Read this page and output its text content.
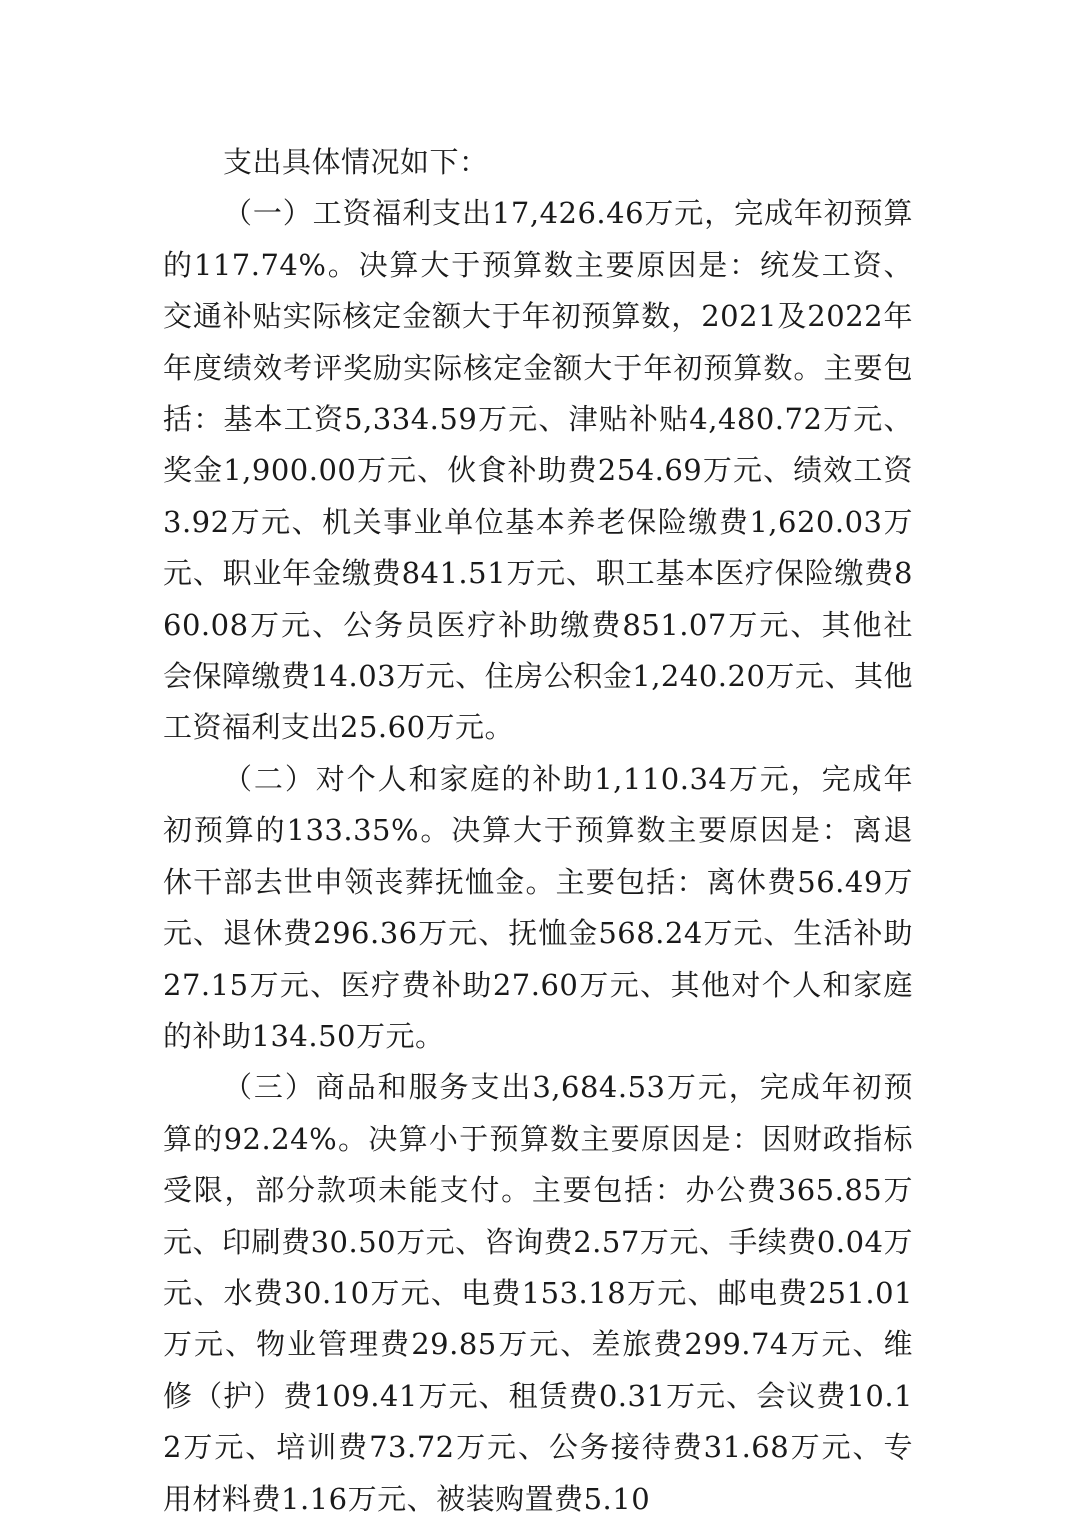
支出具体情况如下：

（一）工资福利支出17,426.46万元，完成年初预算的117.74%。决算大于预算数主要原因是：统发工资、交通补贴实际核定金额大于年初预算数，2021及2022年年度绩效考评奖励实际核定金额大于年初预算数。主要包括：基本工资5,334.59万元、津贴补贴4,480.72万元、奖金1,900.00万元、伙食补助费254.69万元、绩效工资3.92万元、机关事业单位基本养老保险缴费1,620.03万元、职业年金缴费841.51万元、职工基本医疗保险缴费860.08万元、公务员医疗补助缴费851.07万元、其他社会保障缴费14.03万元、住房公积金1,240.20万元、其他工资福利支出25.60万元。

（二）对个人和家庭的补助1,110.34万元，完成年初预算的133.35%。决算大于预算数主要原因是：离退休干部去世申领丧葬抚恤金。主要包括：离休费56.49万元、退休费296.36万元、抚恤金568.24万元、生活补助27.15万元、医疗费补助27.60万元、其他对个人和家庭的补助134.50万元。

（三）商品和服务支出3,684.53万元，完成年初预算的92.24%。决算小于预算数主要原因是：因财政指标受限，部分款项未能支付。主要包括：办公费365.85万元、印刷费30.50万元、咨询费2.57万元、手续费0.04万元、水费30.10万元、电费153.18万元、邮电费251.01万元、物业管理费29.85万元、差旅费299.74万元、维修（护）费109.41万元、租赁费0.31万元、会议费10.12万元、培训费73.72万元、公务接待费31.68万元、专用材料费1.16万元、被装购置费5.10
